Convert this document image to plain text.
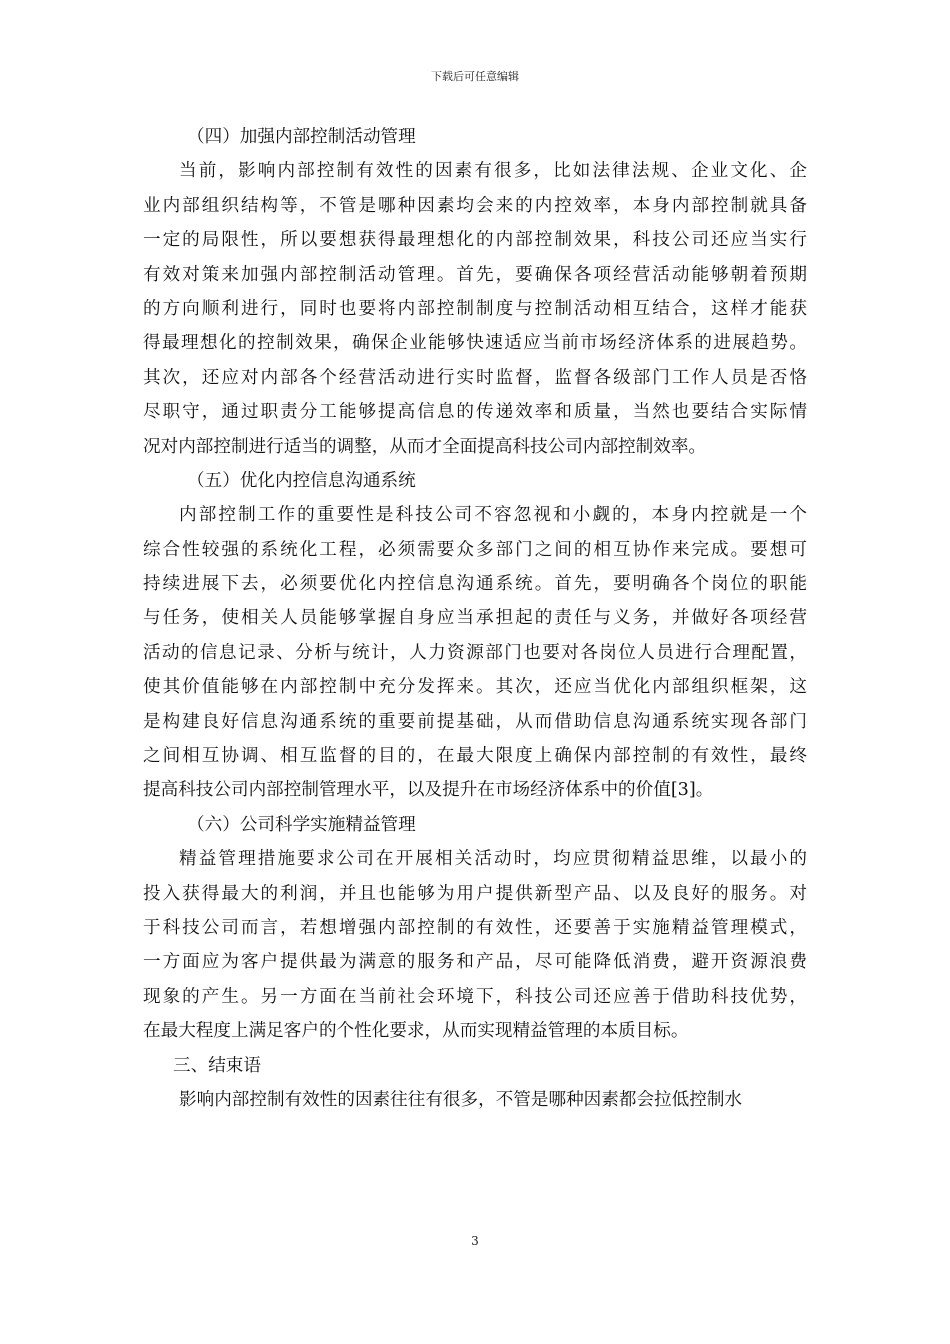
下载后可任意编辑
（四）加强内部控制活动管理
当前，影响内部控制有效性的因素有很多，比如法律法规、企业文化、企
业内部组织结构等，不管是哪种因素均会来的内控效率，本身内部控制就具备
一定的局限性，所以要想获得最理想化的内部控制效果，科技公司还应当实行
有效对策来加强内部控制活动管理。首先，要确保各项经营活动能够朝着预期
的方向顺利进行，同时也要将内部控制制度与控制活动相互结合，这样才能获
得最理想化的控制效果，确保企业能够快速适应当前市场经济体系的进展趋势。
其次，还应对内部各个经营活动进行实时监督，监督各级部门工作人员是否恪
尽职守，通过职责分工能够提高信息的传递效率和质量，当然也要结合实际情
况对内部控制进行适当的调整，从而才全面提高科技公司内部控制效率。
（五）优化内控信息沟通系统
内部控制工作的重要性是科技公司不容忽视和小觑的，本身内控就是一个
综合性较强的系统化工程，必须需要众多部门之间的相互协作来完成。要想可
持续进展下去，必须要优化内控信息沟通系统。首先，要明确各个岗位的职能
与任务，使相关人员能够掌握自身应当承担起的责任与义务，并做好各项经营
活动的信息记录、分析与统计，人力资源部门也要对各岗位人员进行合理配置，
使其价值能够在内部控制中充分发挥来。其次，还应当优化内部组织框架，这
是构建良好信息沟通系统的重要前提基础，从而借助信息沟通系统实现各部门
之间相互协调、相互监督的目的，在最大限度上确保内部控制的有效性，最终
提高科技公司内部控制管理水平，以及提升在市场经济体系中的价值[3]。
（六）公司科学实施精益管理
精益管理措施要求公司在开展相关活动时，均应贯彻精益思维，以最小的
投入获得最大的利润，并且也能够为用户提供新型产品、以及良好的服务。对
于科技公司而言，若想增强内部控制的有效性，还要善于实施精益管理模式，
一方面应为客户提供最为满意的服务和产品，尽可能降低消费，避开资源浪费
现象的产生。另一方面在当前社会环境下，科技公司还应善于借助科技优势，
在最大程度上满足客户的个性化要求，从而实现精益管理的本质目标。
三、结束语
影响内部控制有效性的因素往往有很多，不管是哪种因素都会拉低控制水
3
